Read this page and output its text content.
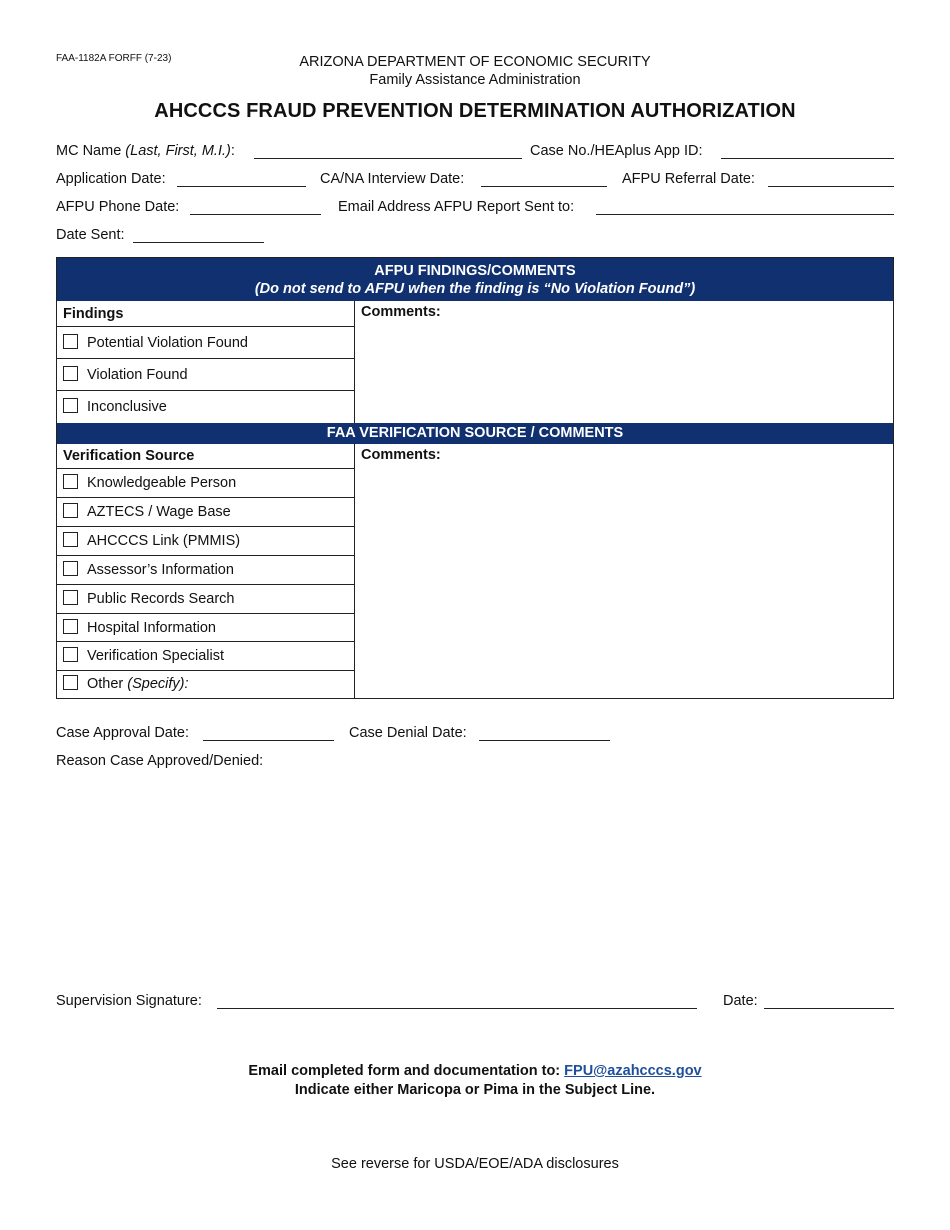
FAA-1182A FORFF (7-23)	ARIZONA DEPARTMENT OF ECONOMIC SECURITY
Family Assistance Administration
AHCCCS FRAUD PREVENTION DETERMINATION AUTHORIZATION
MC Name (Last, First, M.I.):	Case No./HEAplus App ID:
Application Date:	CA/NA Interview Date:	AFPU Referral Date:
AFPU Phone Date:	Email Address AFPU Report Sent to:
Date Sent:
AFPU FINDINGS/COMMENTS
(Do not send to AFPU when the finding is “No Violation Found”)
Findings
Potential Violation Found
Violation Found
Inconclusive
Comments:
FAA VERIFICATION SOURCE / COMMENTS
Verification Source
Knowledgeable Person
AZTECS / Wage Base
AHCCCS Link (PMMIS)
Assessor’s Information
Public Records Search
Hospital Information
Verification Specialist
Other (Specify):
Comments:
Case Approval Date:	Case Denial Date:
Reason Case Approved/Denied:
Supervision Signature:	Date:
Email completed form and documentation to: FPU@azahcccs.gov
Indicate either Maricopa or Pima in the Subject Line.
See reverse for USDA/EOE/ADA disclosures
